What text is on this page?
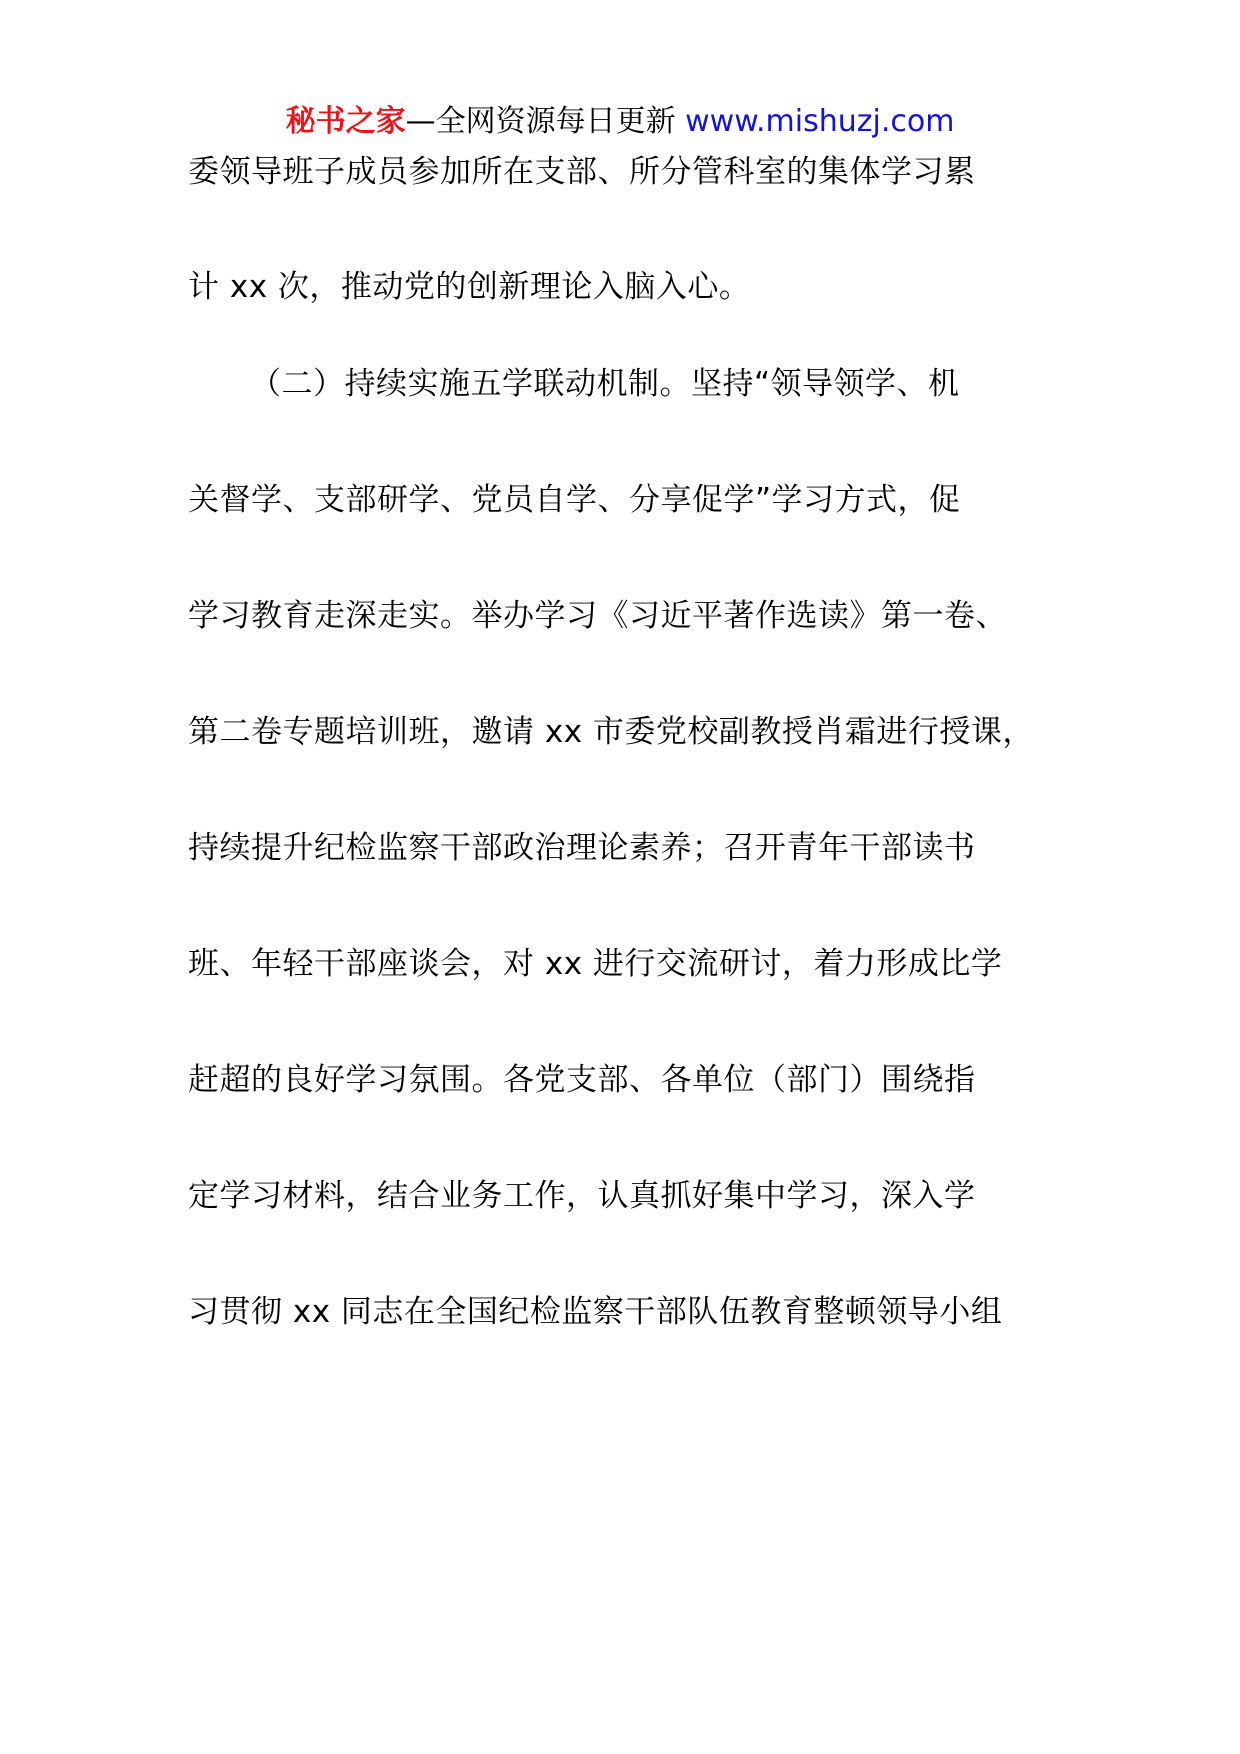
秘书之家—全网资源每日更新 www.mishuzj.com
委领导班子成员参加所在支部、所分管科室的集体学习累
计 xx 次，推动党的创新理论入脑入心。
（二）持续实施五学联动机制。坚持“领导领学、机
关督学、支部研学、党员自学、分享促学”学习方式，促
学习教育走深走实。举办学习《习近平著作选读》第一卷、
第二卷专题培训班，邀请 xx 市委党校副教授肖霜进行授课，
持续提升纪检监察干部政治理论素养；召开青年干部读书
班、年轻干部座谈会，对 xx 进行交流研讨，着力形成比学
赶超的良好学习氛围。各党支部、各单位（部门）围绕指
定学习材料，结合业务工作，认真抓好集中学习，深入学
习贯彻 xx 同志在全国纪检监察干部队伍教育整顿领导小组
